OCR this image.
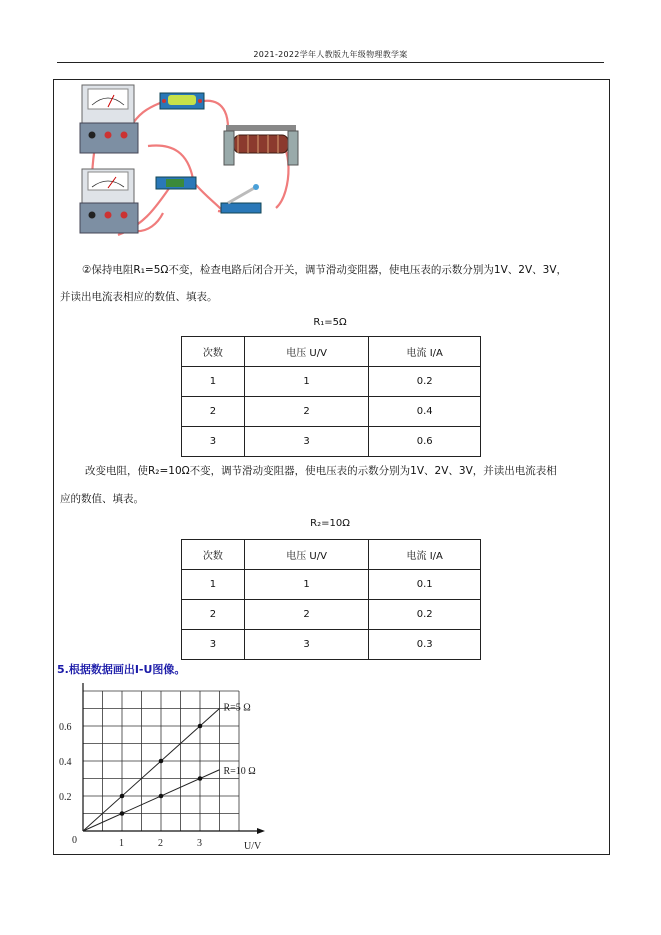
2021-2022学年人教版九年级物理教学案
②保持电阻R₁=5Ω不变，检查电路后闭合开关，调节滑动变阻器，使电压表的示数分别为1V、2V、3V，
并读出电流表相应的数值、填表。
R₁=5Ω
次数	电压 U/V	电流 I/A
1	1	0.2
2	2	0.4
3	3	0.6
改变电阻，使R₂=10Ω不变，调节滑动变阻器，使电压表的示数分别为1V、2V、3V，并读出电流表相
应的数值、填表。
R₂=10Ω
次数	电压 U/V	电流 I/A
1	1	0.1
2	2	0.2
3	3	0.3
5.根据数据画出I-U图像。
R=5 Ω
R=10 Ω
1	2	3
0.2
0.4
0.6
0
U/V
